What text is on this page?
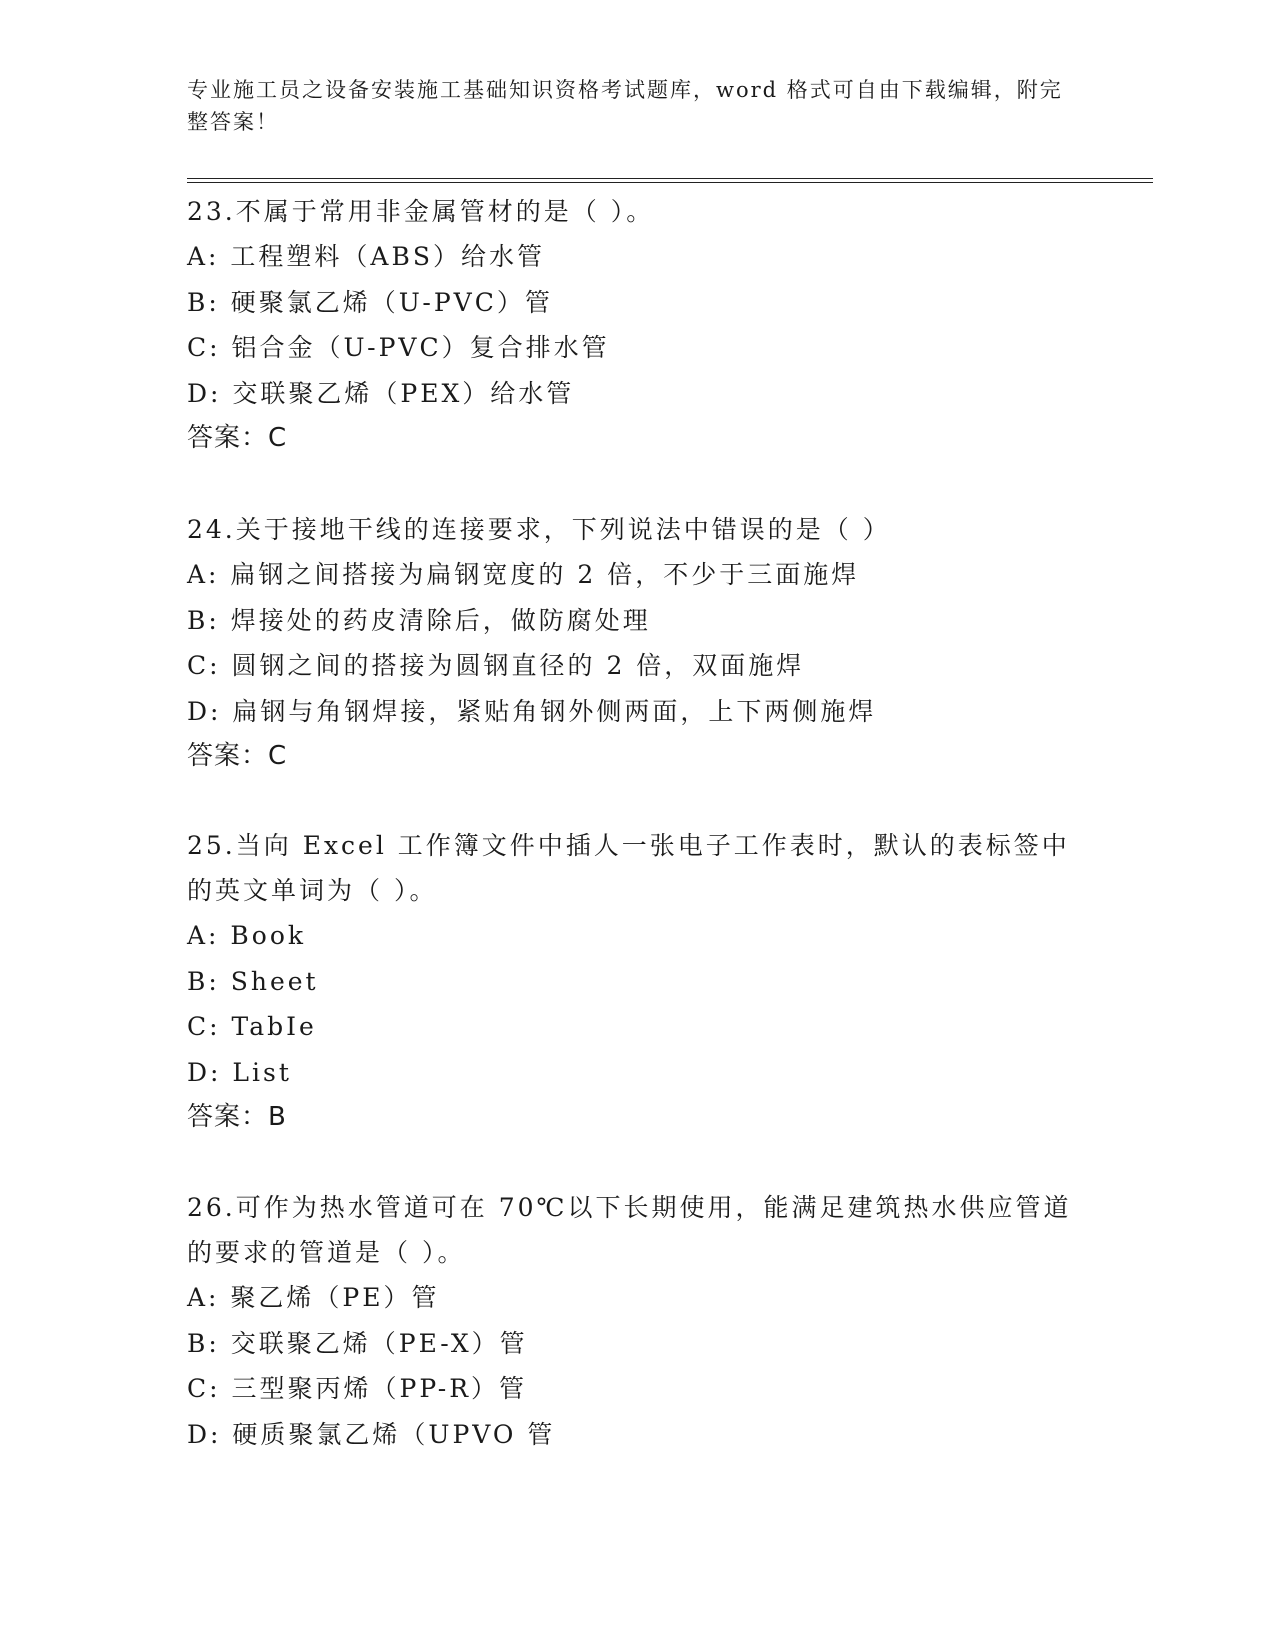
专业施工员之设备安装施工基础知识资格考试题库，word 格式可自由下载编辑，附完整答案！
23.不属于常用非金属管材的是（ ）。
A: 工程塑料（ABS）给水管
B: 硬聚氯乙烯（U-PVC）管
C: 铝合金（U-PVC）复合排水管
D: 交联聚乙烯（PEX）给水管
答案：C
24.关于接地干线的连接要求，下列说法中错误的是（ ）
A: 扁钢之间搭接为扁钢宽度的 2 倍，不少于三面施焊
B: 焊接处的药皮清除后，做防腐处理
C: 圆钢之间的搭接为圆钢直径的 2 倍，双面施焊
D: 扁钢与角钢焊接，紧贴角钢外侧两面，上下两侧施焊
答案：C
25.当向 Excel 工作簿文件中插人一张电子工作表时，默认的表标签中的英文单词为（ ）。
A: Book
B: Sheet
C: TabIe
D: List
答案：B
26.可作为热水管道可在 70℃以下长期使用，能满足建筑热水供应管道的要求的管道是（ ）。
A: 聚乙烯（PE）管
B: 交联聚乙烯（PE-X）管
C: 三型聚丙烯（PP-R）管
D: 硬质聚氯乙烯（UPVO 管
